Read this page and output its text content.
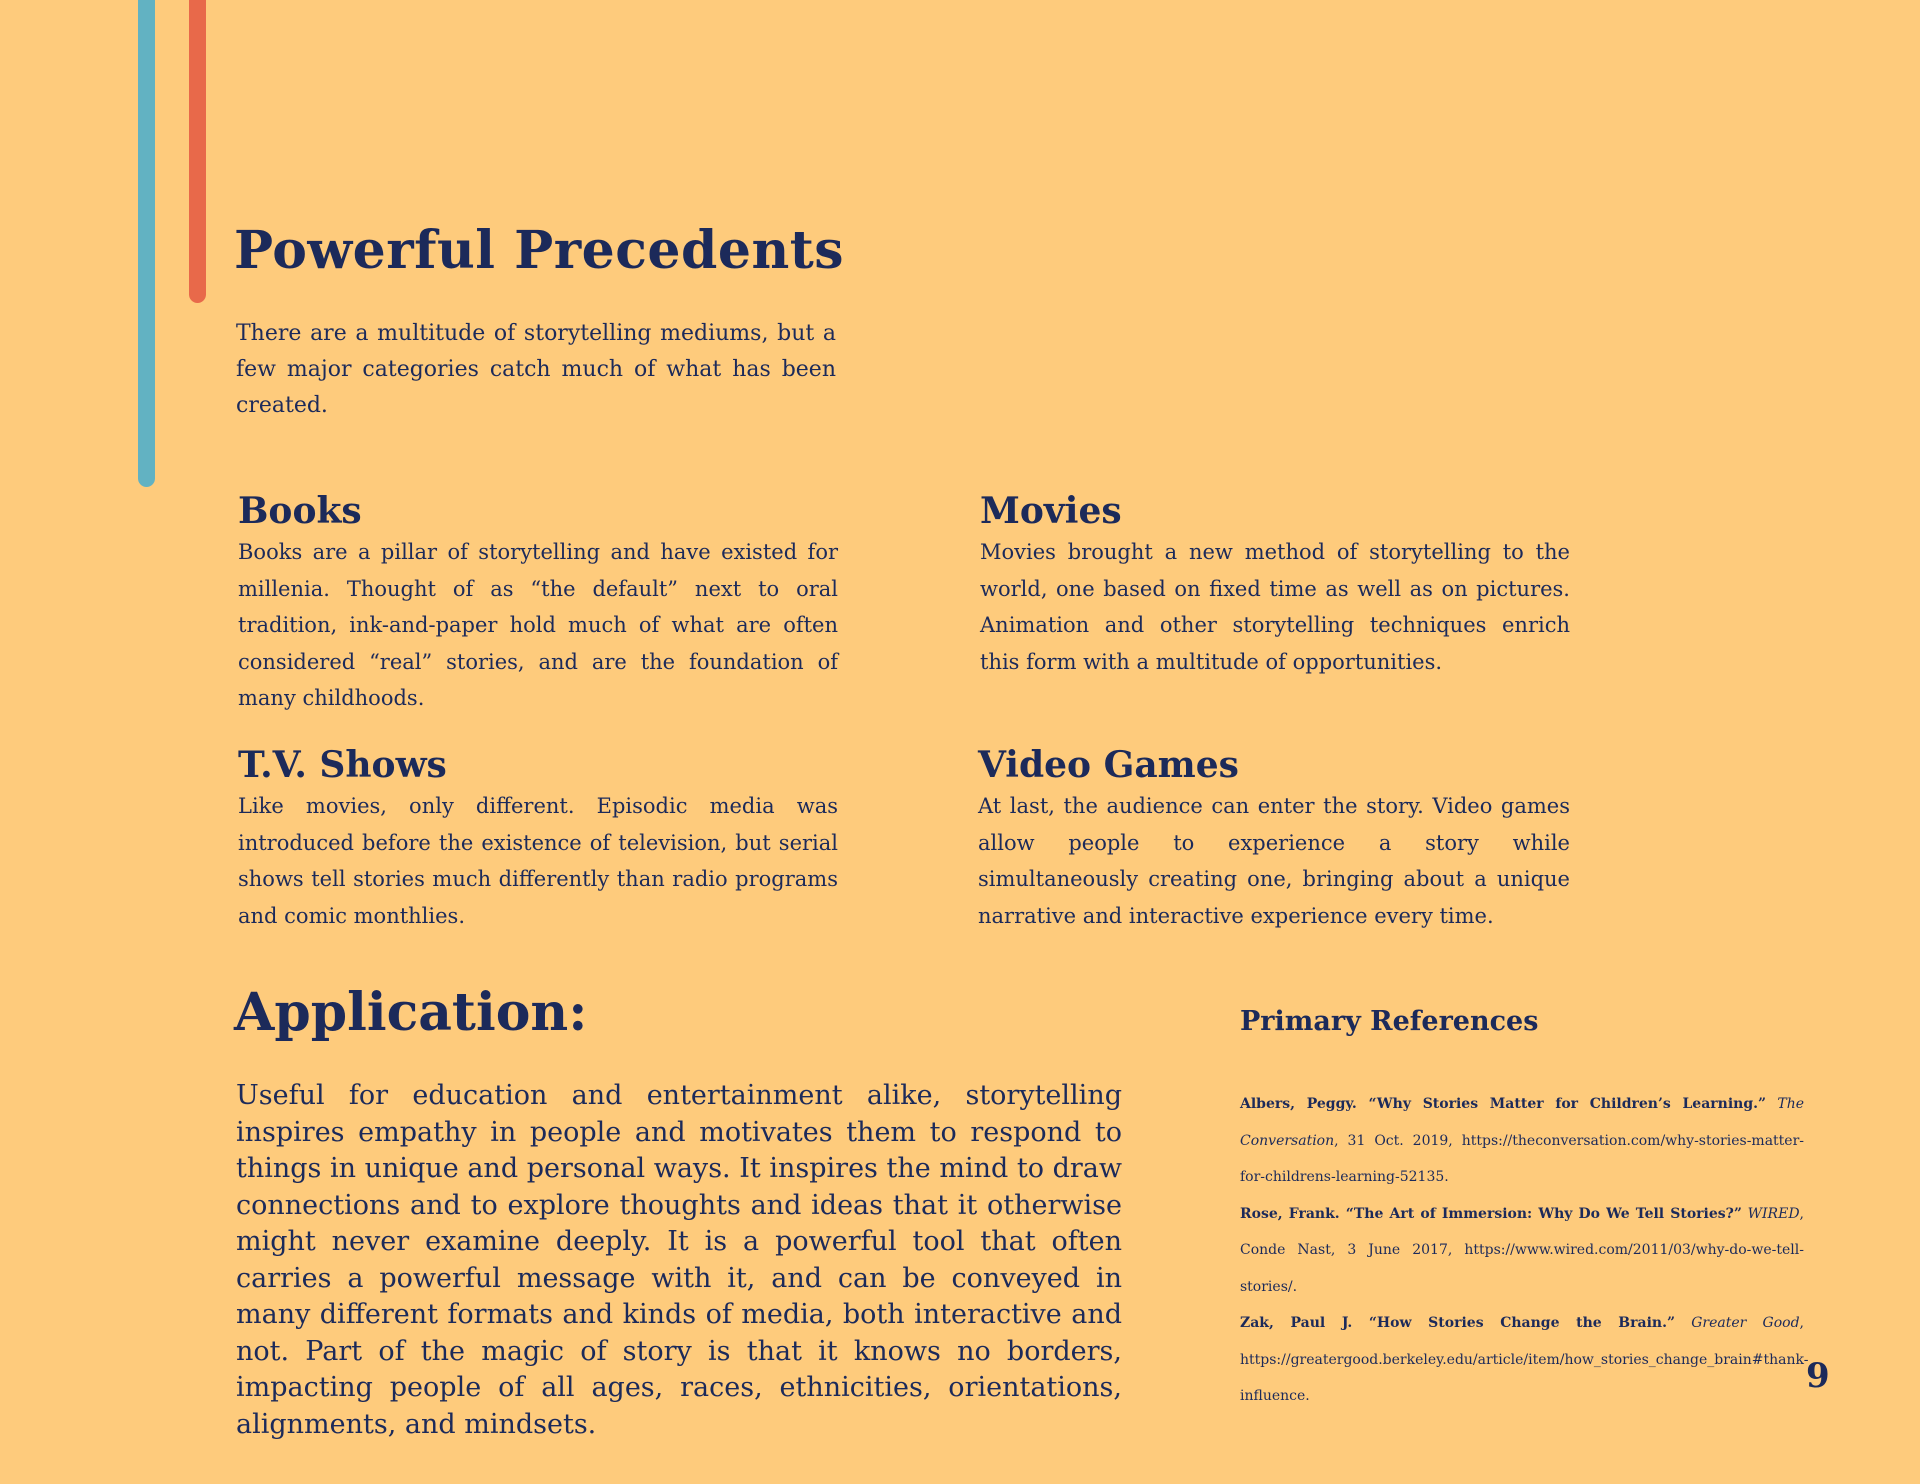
Powerful Precedents

There are a multitude of storytelling mediums, but a few major categories catch much of what has been created.

Books

Books are a pillar of storytelling and have existed for millenia. Thought of as “the default” next to oral tradition, ink-and-paper hold much of what are often considered “real” stories, and are the foundation of many childhoods.

Movies

Movies brought a new method of storytelling to the world, one based on fixed time as well as on pictures. Animation and other storytelling techniques enrich this form with a multitude of opportunities.

T.V. Shows

Like movies, only different. Episodic media was introduced before the existence of television, but serial shows tell stories much differently than radio programs and comic monthlies.

Video Games

At last, the audience can enter the story. Video games allow people to experience a story while simultaneously creating one, bringing about a unique narrative and interactive experience every time.

Application:

Useful for education and entertainment alike, storytelling inspires empathy in people and motivates them to respond to things in unique and personal ways. It inspires the mind to draw connections and to explore thoughts and ideas that it otherwise might never examine deeply. It is a powerful tool that often carries a powerful message with it, and can be conveyed in many different formats and kinds of media, both interactive and not. Part of the magic of story is that it knows no borders, impacting people of all ages, races, ethnicities, orientations, alignments, and mindsets.

Primary References

Albers, Peggy. “Why Stories Matter for Children’s Learning.” The Conversation, 31 Oct. 2019, https://theconversation.com/why-stories-matter-for-childrens-learning-52135.

Rose, Frank. “The Art of Immersion: Why Do We Tell Stories?” WIRED, Conde Nast, 3 June 2017, https://www.wired.com/2011/03/why-do-we-tell-stories/.

Zak, Paul J. “How Stories Change the Brain.” Greater Good, https://greatergood.berkeley.edu/article/item/how_stories_change_brain#thank-influence.	9
